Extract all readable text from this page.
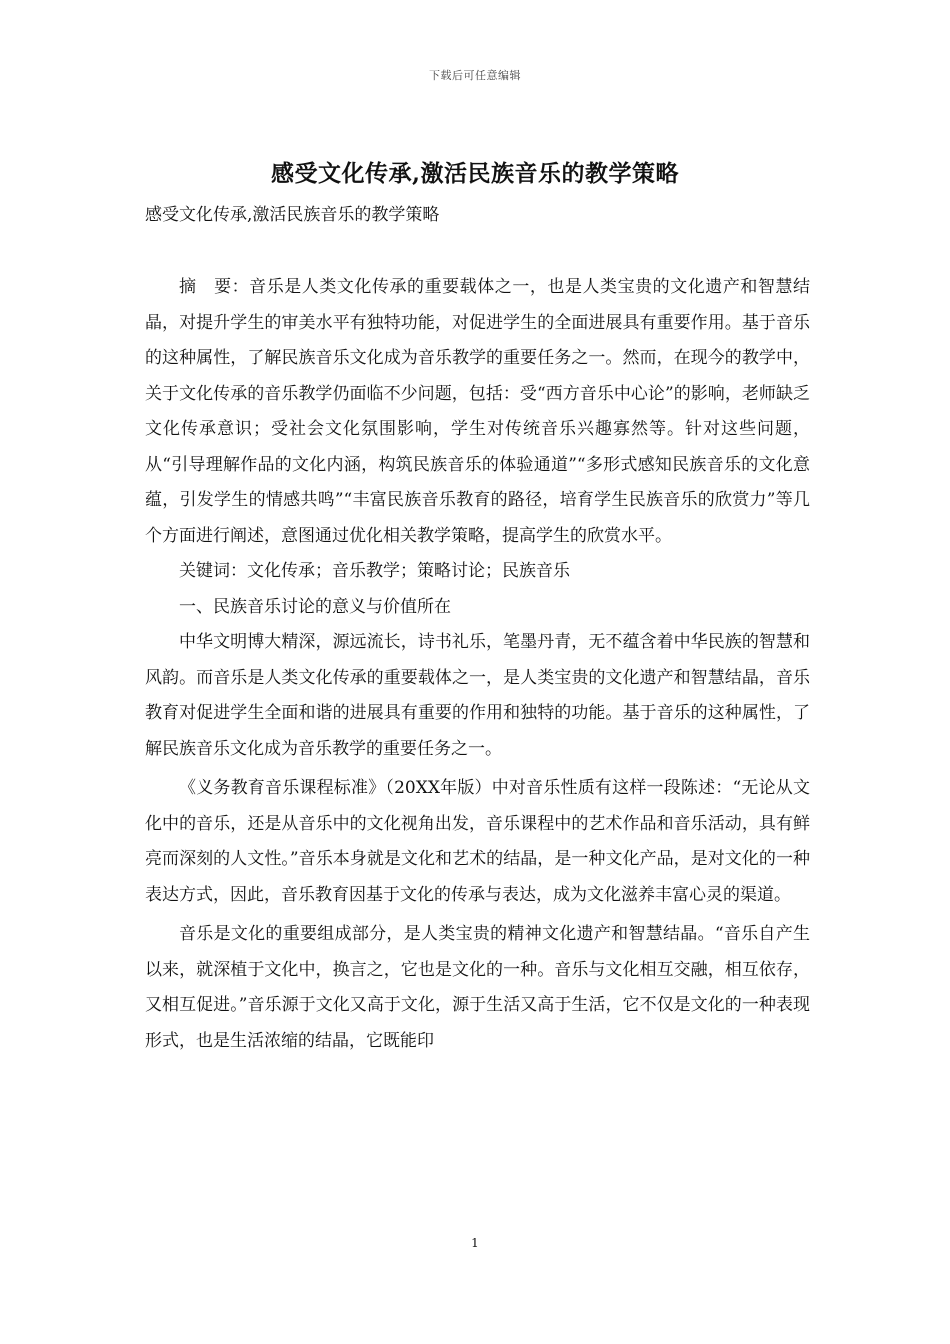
下载后可任意编辑
感受文化传承,激活民族音乐的教学策略
感受文化传承,激活民族音乐的教学策略

摘　要：音乐是人类文化传承的重要载体之一，也是人类宝贵的文化遗产和智慧结晶，对提升学生的审美水平有独特功能，对促进学生的全面进展具有重要作用。基于音乐的这种属性，了解民族音乐文化成为音乐教学的重要任务之一。然而，在现今的教学中，关于文化传承的音乐教学仍面临不少问题，包括：受“西方音乐中心论”的影响，老师缺乏文化传承意识；受社会文化氛围影响，学生对传统音乐兴趣寡然等。针对这些问题，从“引导理解作品的文化内涵，构筑民族音乐的体验通道”“多形式感知民族音乐的文化意蕴，引发学生的情感共鸣”“丰富民族音乐教育的路径，培育学生民族音乐的欣赏力”等几个方面进行阐述，意图通过优化相关教学策略，提高学生的欣赏水平。

关键词：文化传承；音乐教学；策略讨论；民族音乐

一、民族音乐讨论的意义与价值所在

中华文明博大精深，源远流长，诗书礼乐，笔墨丹青，无不蕴含着中华民族的智慧和风韵。而音乐是人类文化传承的重要载体之一，是人类宝贵的文化遗产和智慧结晶，音乐教育对促进学生全面和谐的进展具有重要的作用和独特的功能。基于音乐的这种属性，了解民族音乐文化成为音乐教学的重要任务之一。

《义务教育音乐课程标准》（20XX年版）中对音乐性质有这样一段陈述：“无论从文化中的音乐，还是从音乐中的文化视角出发，音乐课程中的艺术作品和音乐活动，具有鲜亮而深刻的人文性。”音乐本身就是文化和艺术的结晶，是一种文化产品，是对文化的一种表达方式，因此，音乐教育因基于文化的传承与表达，成为文化滋养丰富心灵的渠道。

音乐是文化的重要组成部分，是人类宝贵的精神文化遗产和智慧结晶。“音乐自产生以来，就深植于文化中，换言之，它也是文化的一种。音乐与文化相互交融，相互依存，又相互促进。”音乐源于文化又高于文化，源于生活又高于生活，它不仅是文化的一种表现形式，也是生活浓缩的结晶，它既能印

1
